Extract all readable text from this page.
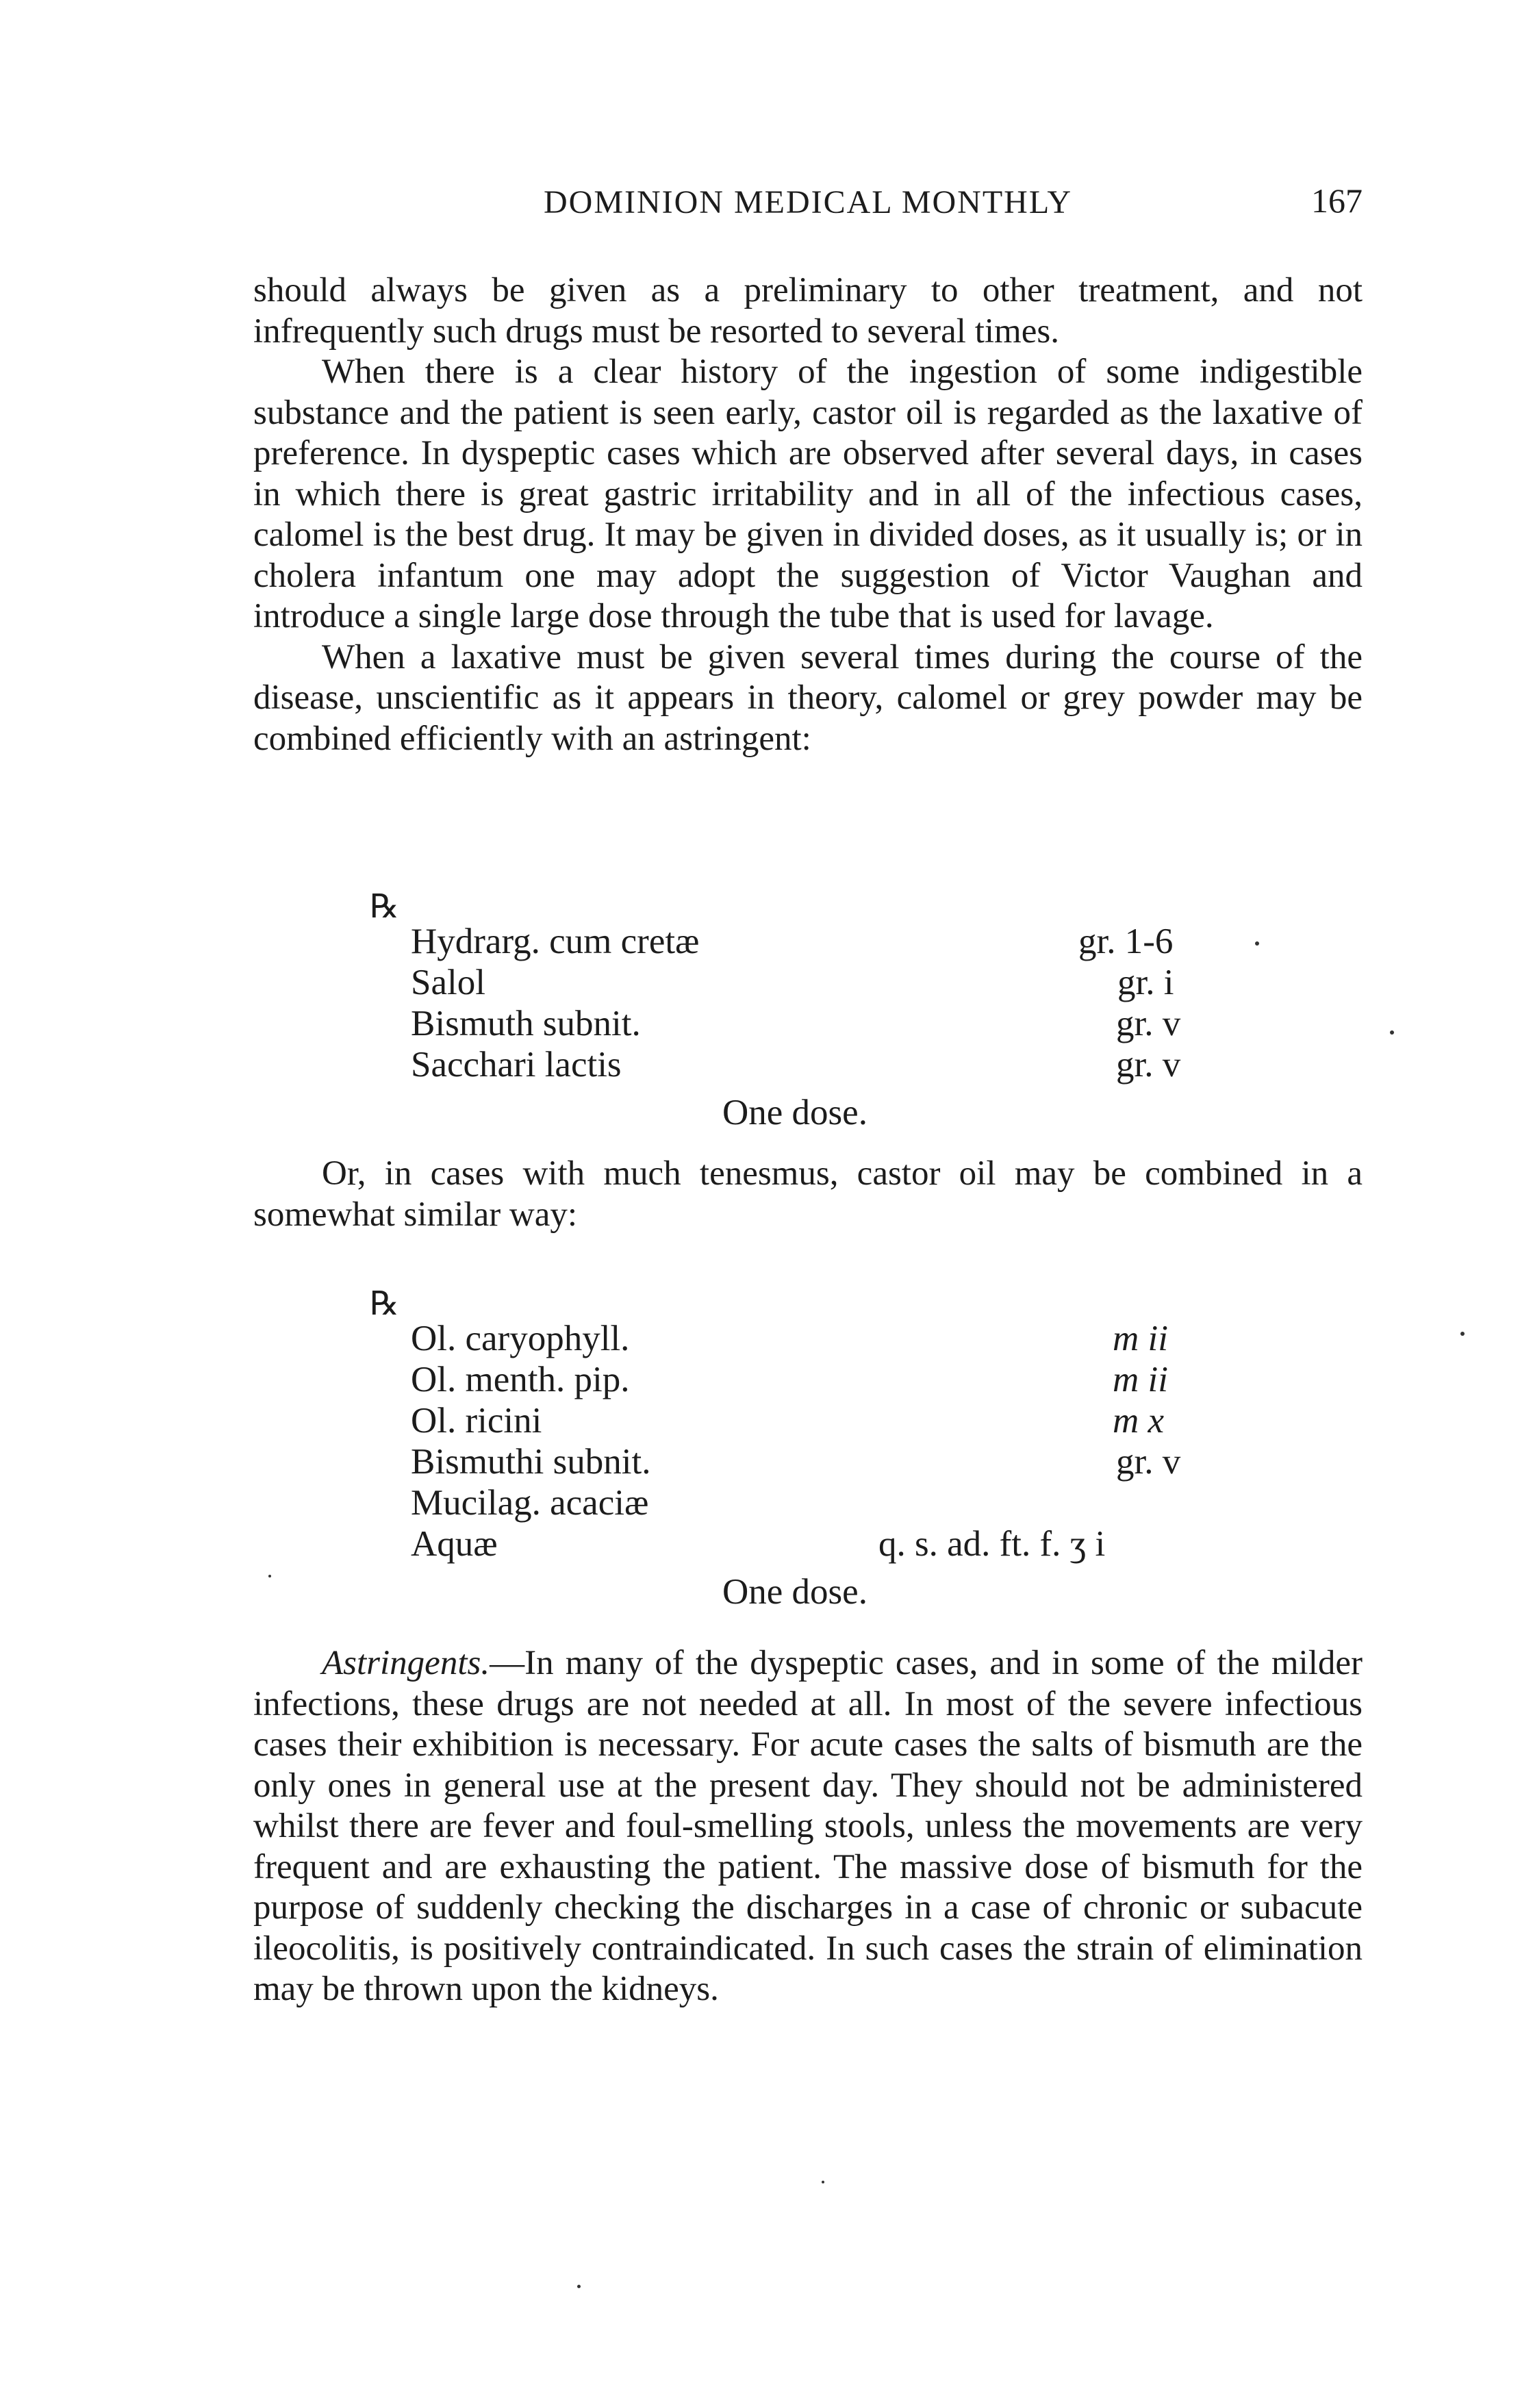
DOMINION MEDICAL MONTHLY	167

should always be given as a preliminary to other treatment, and not infrequently such drugs must be resorted to several times.

When there is a clear history of the ingestion of some indigestible substance and the patient is seen early, castor oil is regarded as the laxative of preference. In dyspeptic cases which are observed after several days, in cases in which there is great gastric irritability and in all of the infectious cases, calomel is the best drug. It may be given in divided doses, as it usually is; or in cholera infantum one may adopt the suggestion of Victor Vaughan and introduce a single large dose through the tube that is used for lavage.

When a laxative must be given several times during the course of the disease, unscientific as it appears in theory, calomel or grey powder may be combined efficiently with an astringent:

℞
Hydrarg. cum cretæ	gr. 1-6
Salol	gr. i
Bismuth subnit.	gr. v
Sacchari lactis	gr. v
One dose.

Or, in cases with much tenesmus, castor oil may be combined in a somewhat similar way:

℞
Ol. caryophyll.	m ii
Ol. menth. pip.	m ii
Ol. ricini	m x
Bismuthi subnit.	gr. v
Mucilag. acaciæ
Aquæ	q. s. ad. ft. f. ʒ i
One dose.

Astringents.—In many of the dyspeptic cases, and in some of the milder infections, these drugs are not needed at all. In most of the severe infectious cases their exhibition is necessary. For acute cases the salts of bismuth are the only ones in general use at the present day. They should not be administered whilst there are fever and foul-smelling stools, unless the movements are very frequent and are exhausting the patient. The massive dose of bismuth for the purpose of suddenly checking the discharges in a case of chronic or subacute ileocolitis, is positively contraindicated. In such cases the strain of elimination may be thrown upon the kidneys.
